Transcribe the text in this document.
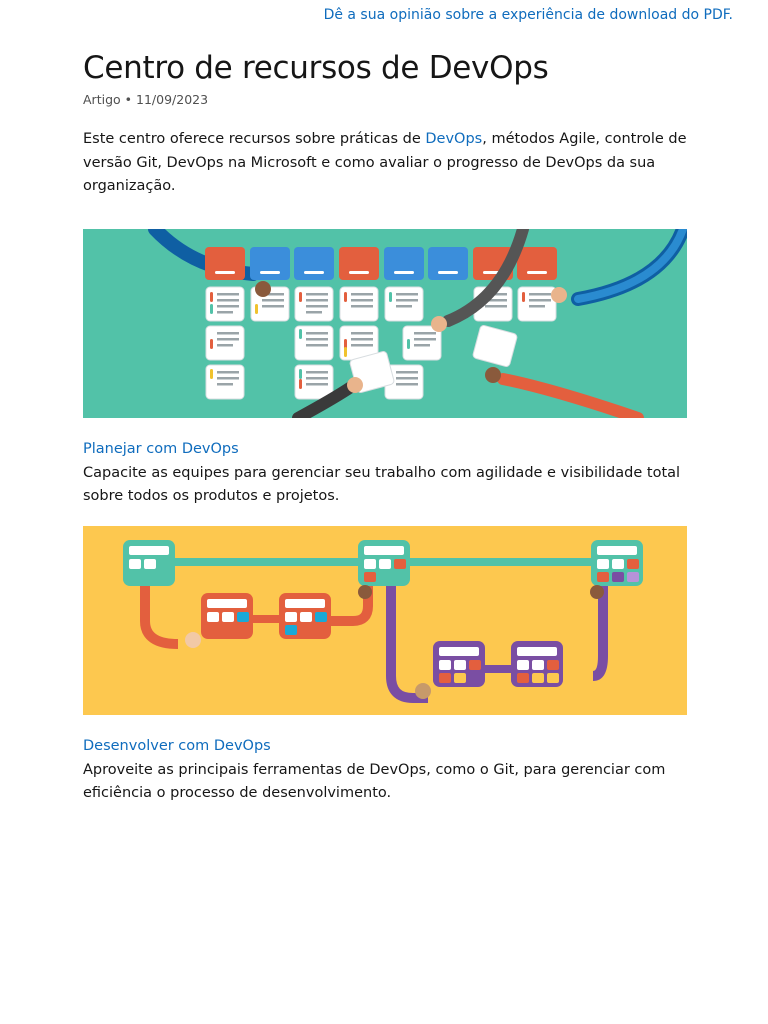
Dê a sua opinião sobre a experiência de download do PDF.
Centro de recursos de DevOps
Artigo • 11/09/2023

Este centro oferece recursos sobre práticas de DevOps, métodos Agile, controle de versão Git, DevOps na Microsoft e como avaliar o progresso de DevOps da sua organização.

Planejar com DevOps
Capacite as equipes para gerenciar seu trabalho com agilidade e visibilidade total sobre todos os produtos e projetos.
Desenvolver com DevOps
Aproveite as principais ferramentas de DevOps, como o Git, para gerenciar com eficiência o processo de desenvolvimento.
